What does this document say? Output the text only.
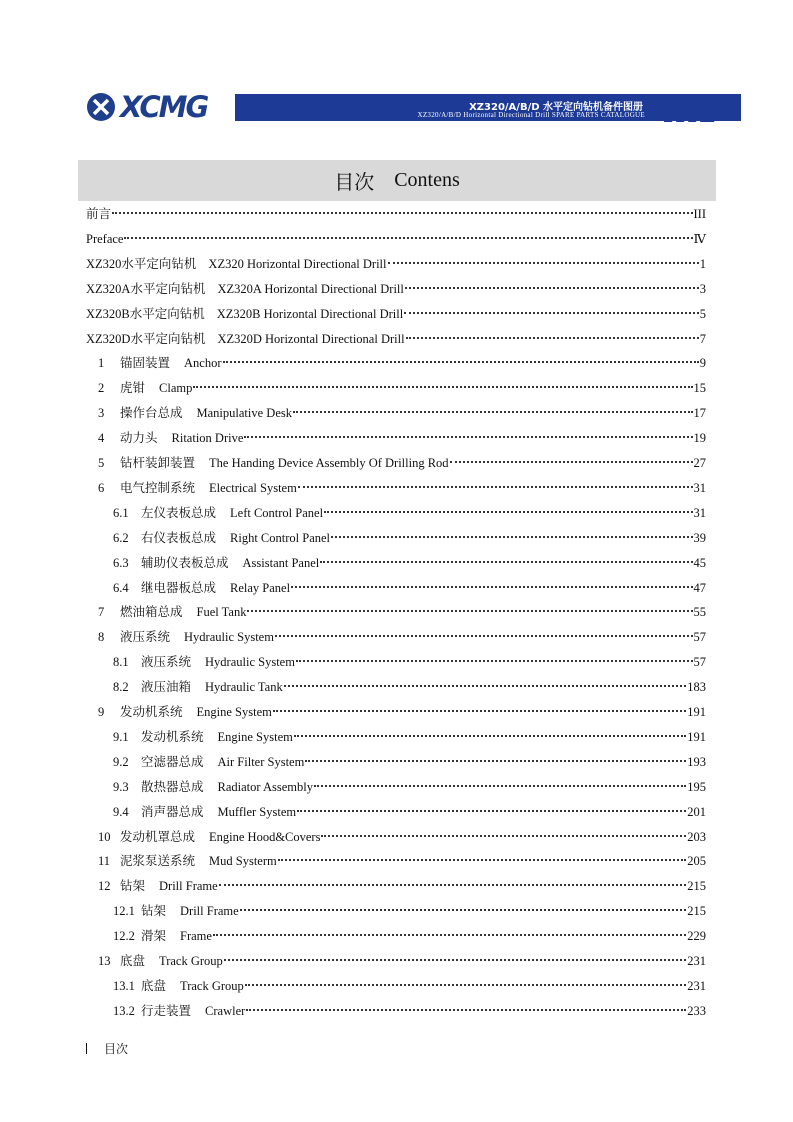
XCMG	XZ320/A/B/D 水平定向钻机备件图册
XZ320/A/B/D Horizontal Directional Drill SPARE PARTS CATALOGUE
目次
Contens
前言	III
Preface	Ⅳ
XZ320水平定向钻机 XZ320 Horizontal Directional Drill	1
XZ320A水平定向钻机 XZ320A Horizontal Directional Drill	3
XZ320B水平定向钻机 XZ320B Horizontal Directional Drill	5
XZ320D水平定向钻机 XZ320D Horizontal Directional Drill	7
1	锚固装置 Anchor	9
2	虎钳 Clamp	15
3	操作台总成 Manipulative Desk	17
4	动力头 Ritation Drive	19
5	钻杆装卸装置 The Handing Device Assembly Of Drilling Rod	27
6	电气控制系统 Electrical System	31
6.1 左仪表板总成 Left Control Panel	31
6.2 右仪表板总成 Right Control Panel	39
6.3 辅助仪表板总成 Assistant Panel	45
6.4 继电器板总成 Relay Panel	47
7	燃油箱总成 Fuel Tank	55
8	液压系统 Hydraulic System	57
8.1 液压系统 Hydraulic System	57
8.2 液压油箱 Hydraulic Tank	183
9	发动机系统 Engine System	191
9.1 发动机系统 Engine System	191
9.2 空滤器总成 Air Filter System	193
9.3 散热器总成 Radiator Assembly	195
9.4 消声器总成 Muffler System	201
10 发动机罩总成 Engine Hood&Covers	203
11 泥浆泵送系统 Mud Systerm	205
12 钻架 Drill Frame	215
12.1 钻架 Drill Frame	215
12.2 滑架 Frame	229
13 底盘 Track Group	231
13.1 底盘 Track Group	231
13.2 行走装置 Crawler	233
目次
